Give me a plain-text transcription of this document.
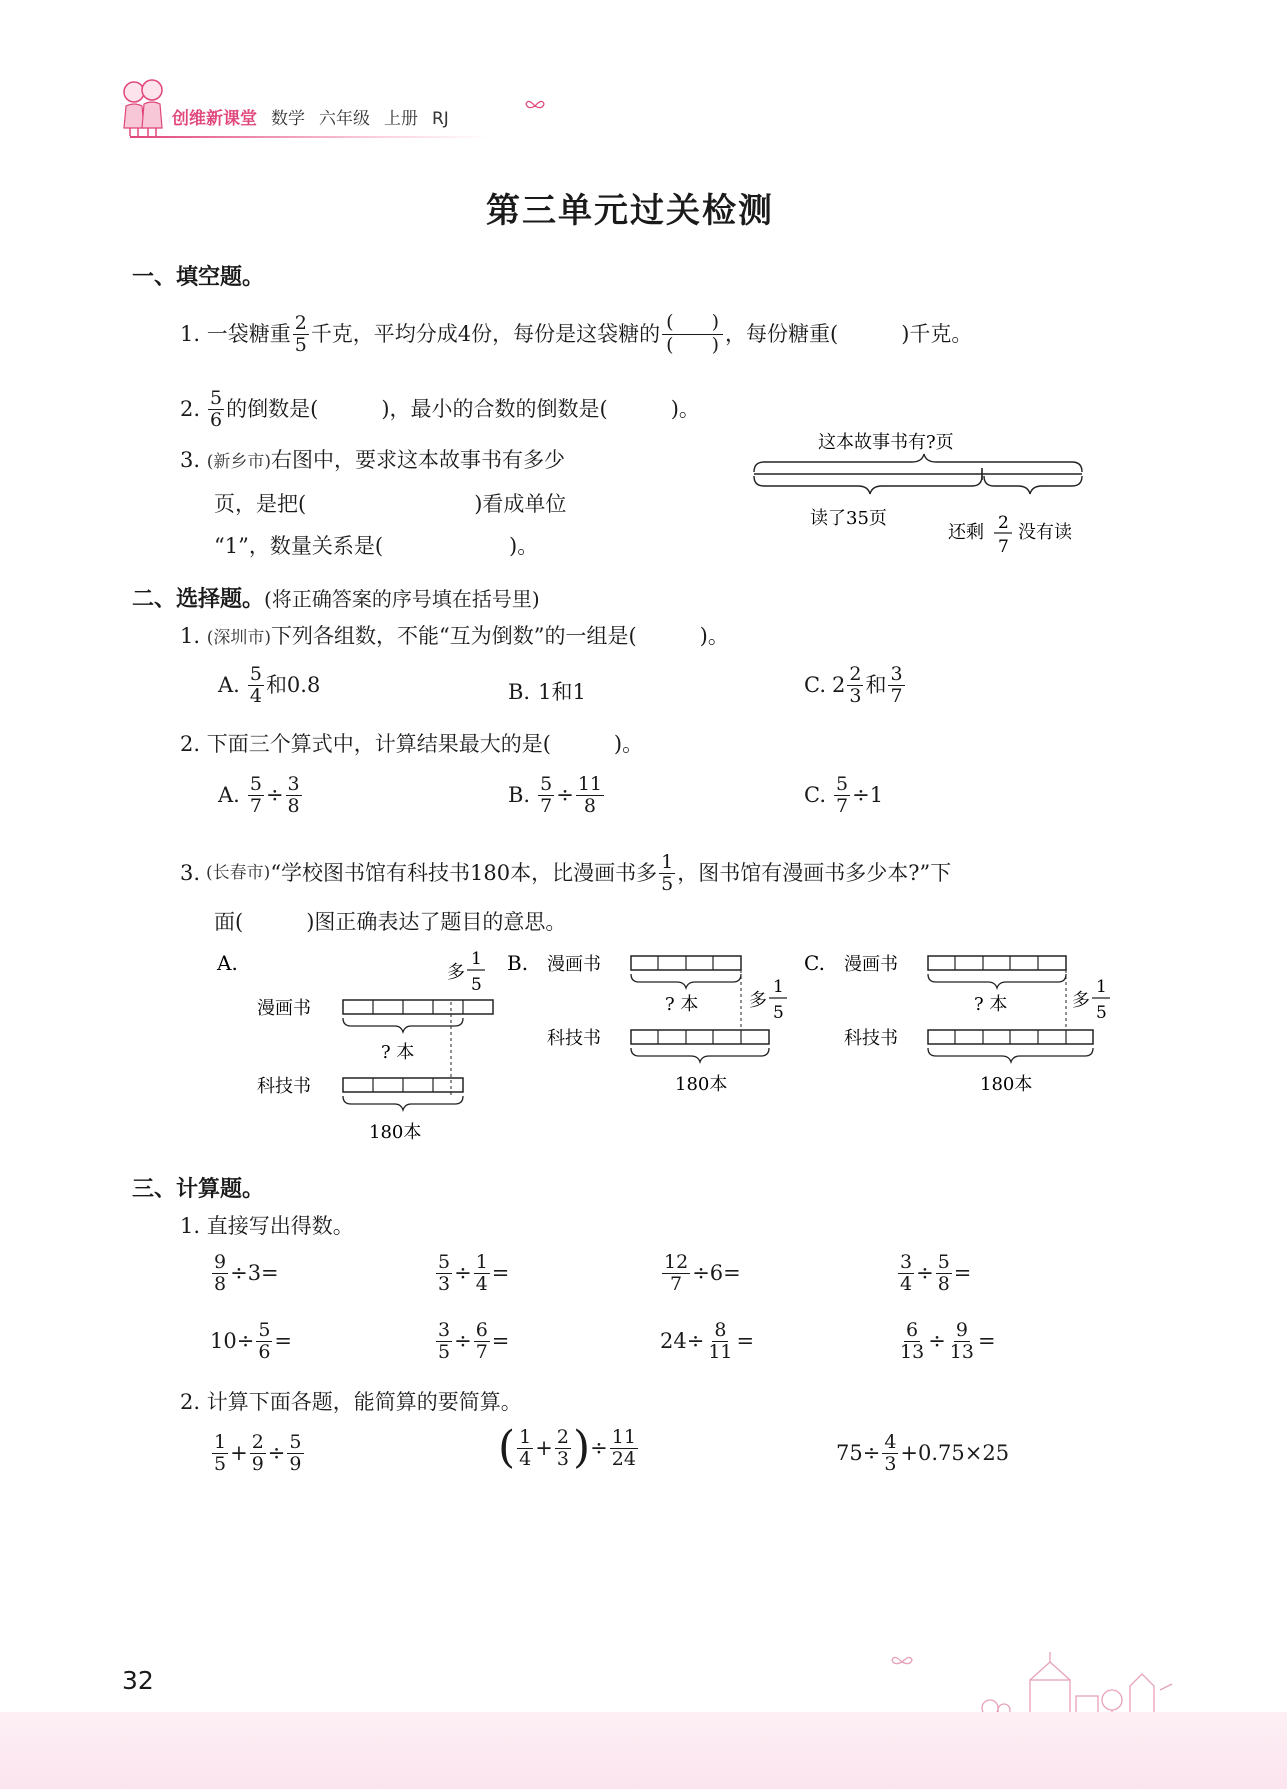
创维新课堂 数学 六年级 上册 RJ
第三单元过关检测
一、填空题。
1. 一袋糖重 $\frac{2}{5}$ 千克，平均分成4份，每份是这袋糖的 $\frac{( )}{( )}$ ，每份糖重(　　　)千克。
2. $\frac{5}{6}$ 的倒数是(　　　)，最小的合数的倒数是(　　　)。
3. (新乡市)右图中，要求这本故事书有多少
页，是把(　　　　　　　　)看成单位
“1”，数量关系是(　　　　　　)。
这本故事书有?页
读了35页
还剩 2
7
没有读
二、选择题。(将正确答案的序号填在括号里)
1. (深圳市)下列各组数，不能“互为倒数”的一组是(　　　)。
A. $\frac{5}{4}$ 和0.8	B. 1和1	C. $2 \frac{2}{3}$ 和 $\frac{3}{7}$
2. 下面三个算式中，计算结果最大的是(　　　)。
A. $\frac{5}{7} \div \frac{3}{8}$	B. $\frac{5}{7} \div \frac{11}{8}$	C. $\frac{5}{7} \div 1$
3. (长春市) “学校图书馆有科技书180本，比漫画书多 $\frac{1}{5}$ ，图书馆有漫画书多少本?”下
面(　　　)图正确表达了题目的意思。
A.	多
1
5
漫画书
? 本
科技书
180本
B. 漫画书
? 本	多
1
5
科技书
180本
C. 漫画书
? 本	多
1
5
科技书
180本
三、计算题。
1. 直接写出得数。
$\frac{9}{8} \div 3=$	$\frac{5}{3} \div \frac{1}{4}$ =	$\frac{12}{7} \div 6=$	$\frac{3}{4} \div \frac{5}{8}$ =
$10\div \frac{5}{6}$ =	$\frac{3}{5} \div \frac{6}{7}$ =	$24\div \frac{8}{11}$ =	$\frac{6}{13} \div \frac{9}{13}$ =
2. 计算下面各题，能简算的要简算。
$\frac{1}{5} + \frac{2}{9} \div \frac{5}{9}$	( $\frac{1}{4} + \frac{2}{3}$ ) ÷ $\frac{11}{24}$	$75\div \frac{4}{3} +0.75\times 25$
32
